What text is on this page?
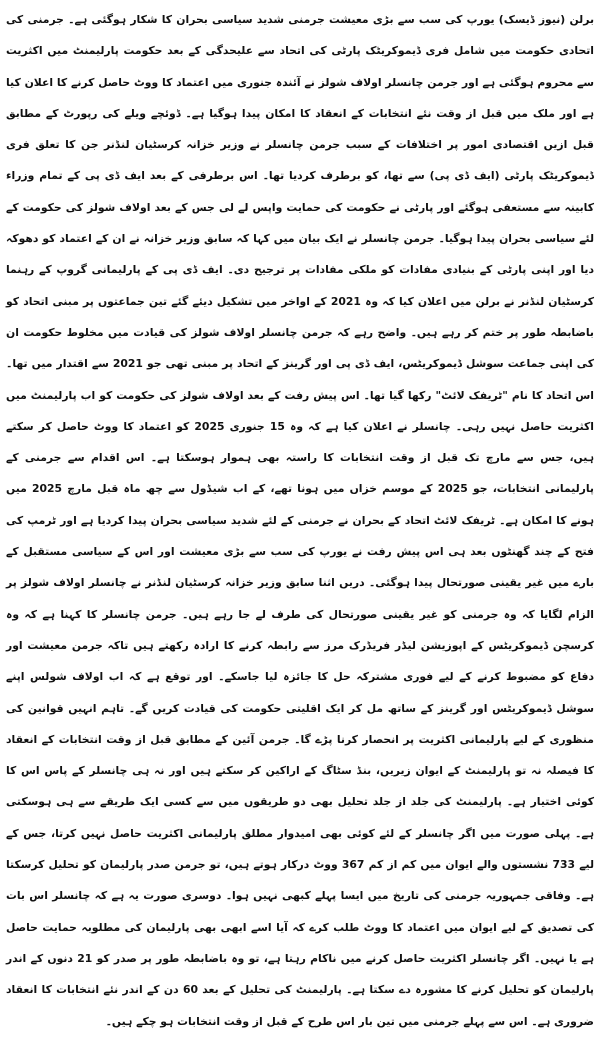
برلن (نیوز ڈیسک) یورپ کی سب سے بڑی معیشت جرمنی شدید سیاسی بحران کا شکار ہوگئی ہے۔ جرمنی کی اتحادی حکومت میں شامل فری ڈیموکریٹک پارٹی کی اتحاد سے علیحدگی کے بعد حکومت پارلیمنٹ میں اکثریت سے محروم ہوگئی ہے اور جرمن چانسلر اولاف شولز نے آئندہ جنوری میں اعتماد کا ووٹ حاصل کرنے کا اعلان کیا ہے اور ملک میں قبل از وقت نئے انتخابات کے انعقاد کا امکان پیدا ہوگیا ہے۔ ڈوئچے ویلے کی رپورٹ کے مطابق قبل ازیں اقتصادی امور پر اختلافات کے سبب جرمن چانسلر نے وزیر خزانہ کرسٹیان لنڈنر جن کا تعلق فری ڈیموکریٹک پارٹی (ایف ڈی پی) سے تھا، کو برطرف کردیا تھا۔ اس برطرفی کے بعد ایف ڈی پی کے تمام وزراء کابینہ سے مستعفی ہوگئے اور پارٹی نے حکومت کی حمایت واپس لے لی جس کے بعد اولاف شولز کی حکومت کے لئے سیاسی بحران پیدا ہوگیا۔ جرمن چانسلر نے ایک بیان میں کہا کہ سابق وزیر خزانہ نے ان کے اعتماد کو دھوکہ دیا اور اپنی پارٹی کے بنیادی مفادات کو ملکی مفادات پر ترجیح دی۔ ایف ڈی پی کے پارلیمانی گروپ کے رہنما کرسٹیان لنڈنر نے برلن میں اعلان کیا کہ وہ 2021 کے اواخر میں تشکیل دیئے گئے تین جماعتوں پر مبنی اتحاد کو باضابطہ طور پر ختم کر رہے ہیں۔ واضح رہے کہ جرمن چانسلر اولاف شولز کی قیادت میں مخلوط حکومت ان کی اپنی جماعت سوشل ڈیموکریٹس، ایف ڈی پی اور گرینز کے اتحاد پر مبنی تھی جو 2021 سے اقتدار میں تھا۔ اس اتحاد کا نام "ٹریفک لائٹ" رکھا گیا تھا۔ اس پیش رفت کے بعد اولاف شولز کی حکومت کو اب پارلیمنٹ میں اکثریت حاصل نہیں رہی۔ چانسلر نے اعلان کیا ہے کہ وہ 15 جنوری 2025 کو اعتماد کا ووٹ حاصل کر سکتے ہیں، جس سے مارچ تک قبل از وقت انتخابات کا راستہ بھی ہموار ہوسکتا ہے۔ اس اقدام سے جرمنی کے پارلیمانی انتخابات، جو 2025 کے موسم خزاں میں ہونا تھے، کے اب شیڈول سے چھ ماہ قبل مارچ 2025 میں ہونے کا امکان ہے۔ ٹریفک لائٹ اتحاد کے بحران نے جرمنی کے لئے شدید سیاسی بحران پیدا کردیا ہے اور ٹرمپ کی فتح کے چند گھنٹوں بعد ہی اس پیش رفت نے یورپ کی سب سے بڑی معیشت اور اس کے سیاسی مستقبل کے بارے میں غیر یقینی صورتحال پیدا ہوگئی۔ دریں اثنا سابق وزیر خزانہ کرسٹیان لنڈنر نے چانسلر اولاف شولز پر الزام لگایا کہ وہ جرمنی کو غیر یقینی صورتحال کی طرف لے جا رہے ہیں۔ جرمن چانسلر کا کہنا ہے کہ وہ کرسچن ڈیموکریٹس کے اپوزیشن لیڈر فریڈرک مرز سے رابطہ کرنے کا ارادہ رکھتے ہیں تاکہ جرمن معیشت اور دفاع کو مضبوط کرنے کے لیے فوری مشترکہ حل کا جائزہ لیا جاسکے۔ اور توقع ہے کہ اب اولاف شولس اپنے سوشل ڈیموکریٹس اور گرینز کے ساتھ مل کر ایک اقلیتی حکومت کی قیادت کریں گے۔ تاہم انہیں قوانین کی منظوری کے لیے پارلیمانی اکثریت پر انحصار کرنا پڑے گا۔ جرمن آئین کے مطابق قبل از وقت انتخابات کے انعقاد کا فیصلہ نہ تو پارلیمنٹ کے ایوان زیریں، بنڈ سٹاگ کے اراکین کر سکتے ہیں اور نہ ہی چانسلر کے پاس اس کا کوئی اختیار ہے۔ پارلیمنٹ کی جلد از جلد تحلیل بھی دو طریقوں میں سے کسی ایک طریقے سے ہی ہوسکتی ہے۔ پہلی صورت میں اگر چانسلر کے لئے کوئی بھی امیدوار مطلق پارلیمانی اکثریت حاصل نہیں کرتا، جس کے لیے 733 نشستوں والے ایوان میں کم از کم 367 ووٹ درکار ہوتے ہیں، تو جرمن صدر پارلیمان کو تحلیل کرسکتا ہے۔ وفاقی جمہوریہ جرمنی کی تاریخ میں ایسا پہلے کبھی نہیں ہوا۔ دوسری صورت یہ ہے کہ چانسلر اس بات کی تصدیق کے لیے ایوان میں اعتماد کا ووٹ طلب کرے کہ آیا اسے ابھی بھی پارلیمان کی مطلوبہ حمایت حاصل ہے یا نہیں۔ اگر چانسلر اکثریت حاصل کرنے میں ناکام رہتا ہے، تو وہ باضابطہ طور پر صدر کو 21 دنوں کے اندر پارلیمان کو تحلیل کرنے کا مشورہ دے سکتا ہے۔ پارلیمنٹ کی تحلیل کے بعد 60 دن کے اندر نئے انتخابات کا انعقاد ضروری ہے۔ اس سے پہلے جرمنی میں تین بار اس طرح کے قبل از وقت انتخابات ہو چکے ہیں۔
